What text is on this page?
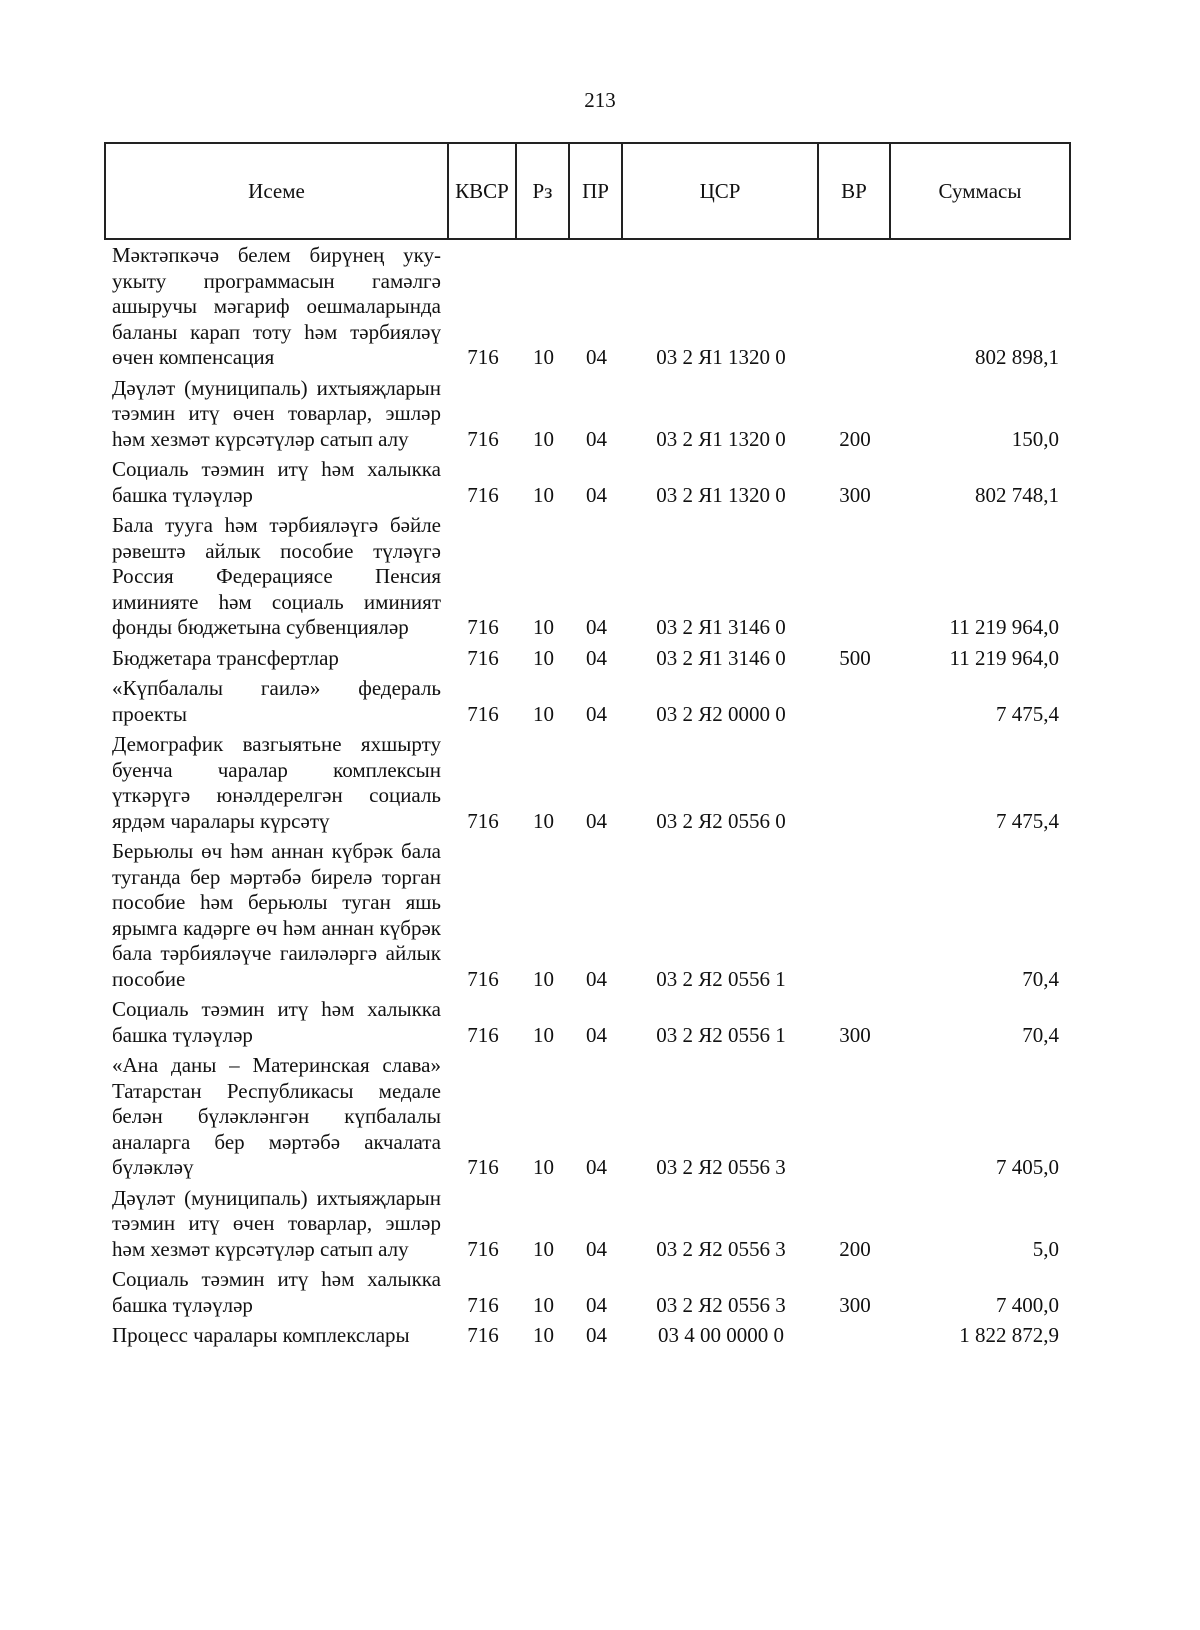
213
Исеме	КВСР	Рз	ПР	ЦСР	ВР	Суммасы
Мәктәпкәчә белем бирүнең уку-укыту программасын гамәлгә ашыручы мәгариф оешмаларында баланы карап тоту һәм тәрбияләү өчен компенсация	716	10	04	03 2 Я1 1320 0		802 898,1
Дәүләт (муниципаль) ихтыяҗларын тәэмин итү өчен товарлар, эшләр һәм хезмәт күрсәтүләр сатып алу	716	10	04	03 2 Я1 1320 0	200	150,0
Социаль тәэмин итү һәм халыкка башка түләүләр	716	10	04	03 2 Я1 1320 0	300	802 748,1
Бала тууга һәм тәрбияләүгә бәйле рәвештә айлык пособие түләүгә Россия Федерациясе Пенсия иминияте һәм социаль иминият фонды бюджетына субвенцияләр	716	10	04	03 2 Я1 3146 0		11 219 964,0
Бюджетара трансфертлар	716	10	04	03 2 Я1 3146 0	500	11 219 964,0
«Күпбалалы гаилә» федераль проекты	716	10	04	03 2 Я2 0000 0		7 475,4
Демографик вазгыятьне яхшырту буенча чаралар комплексын үткәрүгә юнәлдерелгән социаль ярдәм чаралары күрсәтү	716	10	04	03 2 Я2 0556 0		7 475,4
Берьюлы өч һәм аннан күбрәк бала туганда бер мәртәбә бирелә торган пособие һәм берьюлы туган яшь ярымга кадәрге өч һәм аннан күбрәк бала тәрбияләүче гаиләләргә айлык пособие	716	10	04	03 2 Я2 0556 1		70,4
Социаль тәэмин итү һәм халыкка башка түләүләр	716	10	04	03 2 Я2 0556 1	300	70,4
«Ана даны – Материнская слава» Татарстан Республикасы медале белән бүләкләнгән күпбалалы аналарга бер мәртәбә акчалата бүләкләү	716	10	04	03 2 Я2 0556 3		7 405,0
Дәүләт (муниципаль) ихтыяҗларын тәэмин итү өчен товарлар, эшләр һәм хезмәт күрсәтүләр сатып алу	716	10	04	03 2 Я2 0556 3	200	5,0
Социаль тәэмин итү һәм халыкка башка түләүләр	716	10	04	03 2 Я2 0556 3	300	7 400,0
Процесс чаралары комплекслары	716	10	04	03 4 00 0000 0		1 822 872,9
